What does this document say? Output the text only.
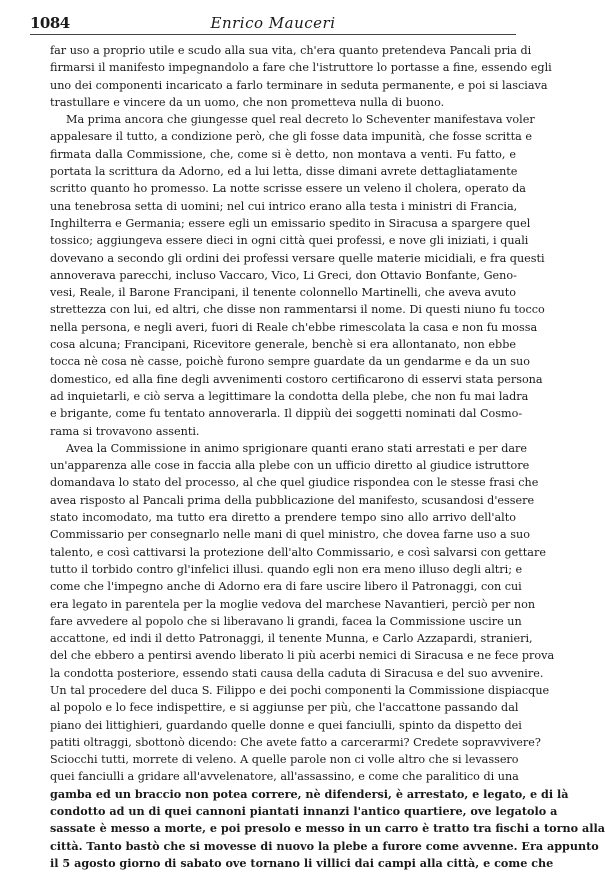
1084	Enrico Mauceri
far uso a proprio utile e scudo alla sua vita, ch'era quanto pretendeva Pancali pria di
firmarsi il manifesto impegnandolo a fare che l'istruttore lo portasse a fine, essendo egli
uno dei componenti incaricato a farlo terminare in seduta permanente, e poi si lasciava
trastullare e vincere da un uomo, che non prometteva nulla di buono.
Ma prima ancora che giungesse quel real decreto lo Scheventer manifestava voler
appalesare il tutto, a condizione però, che gli fosse data impunità, che fosse scritta e
firmata dalla Commissione, che, come si è detto, non montava a venti. Fu fatto, e
portata la scrittura da Adorno, ed a lui letta, disse dimani avrete dettagliatamente
scritto quanto ho promesso. La notte scrisse essere un veleno il cholera, operato da
una tenebrosa setta di uomini; nel cui intrico erano alla testa i ministri di Francia,
Inghilterra e Germania; essere egli un emissario spedito in Siracusa a spargere quel
tossico; aggiungeva essere dieci in ogni città quei professi, e nove gli iniziati, i quali
dovevano a secondo gli ordini dei professi versare quelle materie micidiali, e fra questi
annoverava parecchi, incluso Vaccaro, Vico, Li Greci, don Ottavio Bonfante, Geno-
vesi, Reale, il Barone Francipani, il tenente colonnello Martinelli, che aveva avuto
strettezza con lui, ed altri, che disse non rammentarsi il nome. Di questi niuno fu tocco
nella persona, e negli averi, fuori di Reale ch'ebbe rimescolata la casa e non fu mossa
cosa alcuna; Francipani, Ricevitore generale, benchè si era allontanato, non ebbe
tocca nè cosa nè casse, poichè furono sempre guardate da un gendarme e da un suo
domestico, ed alla fine degli avvenimenti costoro certificarono di esservi stata persona
ad inquietarli, e ciò serva a legittimare la condotta della plebe, che non fu mai ladra
e brigante, come fu tentato annoverarla. Il dippiù dei soggetti nominati dal Cosmo-
rama si trovavono assenti.
Avea la Commissione in animo sprigionare quanti erano stati arrestati e per dare
un'apparenza alle cose in faccia alla plebe con un ufficio diretto al giudice istruttore
domandava lo stato del processo, al che quel giudice rispondea con le stesse frasi che
avea risposto al Pancali prima della pubblicazione del manifesto, scusandosi d'essere
stato incomodato, ma tutto era diretto a prendere tempo sino allo arrivo dell'alto
Commissario per consegnarlo nelle mani di quel ministro, che dovea farne uso a suo
talento, e così cattivarsi la protezione dell'alto Commissario, e così salvarsi con gettare
tutto il torbido contro gl'infelici illusi. quando egli non era meno illuso degli altri; e
come che l'impegno anche di Adorno era di fare uscire libero il Patronaggi, con cui
era legato in parentela per la moglie vedova del marchese Navantieri, perciò per non
fare avvedere al popolo che si liberavano li grandi, facea la Commissione uscire un
accattone, ed indi il detto Patronaggi, il tenente Munna, e Carlo Azzapardi, stranieri,
del che ebbero a pentirsi avendo liberato li più acerbi nemici di Siracusa e ne fece prova
la condotta posteriore, essendo stati causa della caduta di Siracusa e del suo avvenire.
Un tal procedere del duca S. Filippo e dei pochi componenti la Commissione dispiacque
al popolo e lo fece indispettire, e si aggiunse per più, che l'accattone passando dal
piano dei littighieri, guardando quelle donne e quei fanciulli, spinto da dispetto dei
patiti oltraggi, sbottonò dicendo: Che avete fatto a carcerarmi? Credete sopravvivere?
Sciocchi tutti, morrete di veleno. A quelle parole non ci volle altro che si levassero
quei fanciulli a gridare all'avvelenatore, all'assassino, e come che paralitico di una
gamba ed un braccio non potea correre, nè difendersi, è arrestato, e legato, e di là
condotto ad un di quei cannoni piantati innanzi l'antico quartiere, ove legatolo a
sassate è messo a morte, e poi presolo e messo in un carro è tratto tra fischi a torno alla
città. Tanto bastò che si movesse di nuovo la plebe a furore come avvenne. Era appunto
il 5 agosto giorno di sabato ove tornano li villici dai campi alla città, e come che
